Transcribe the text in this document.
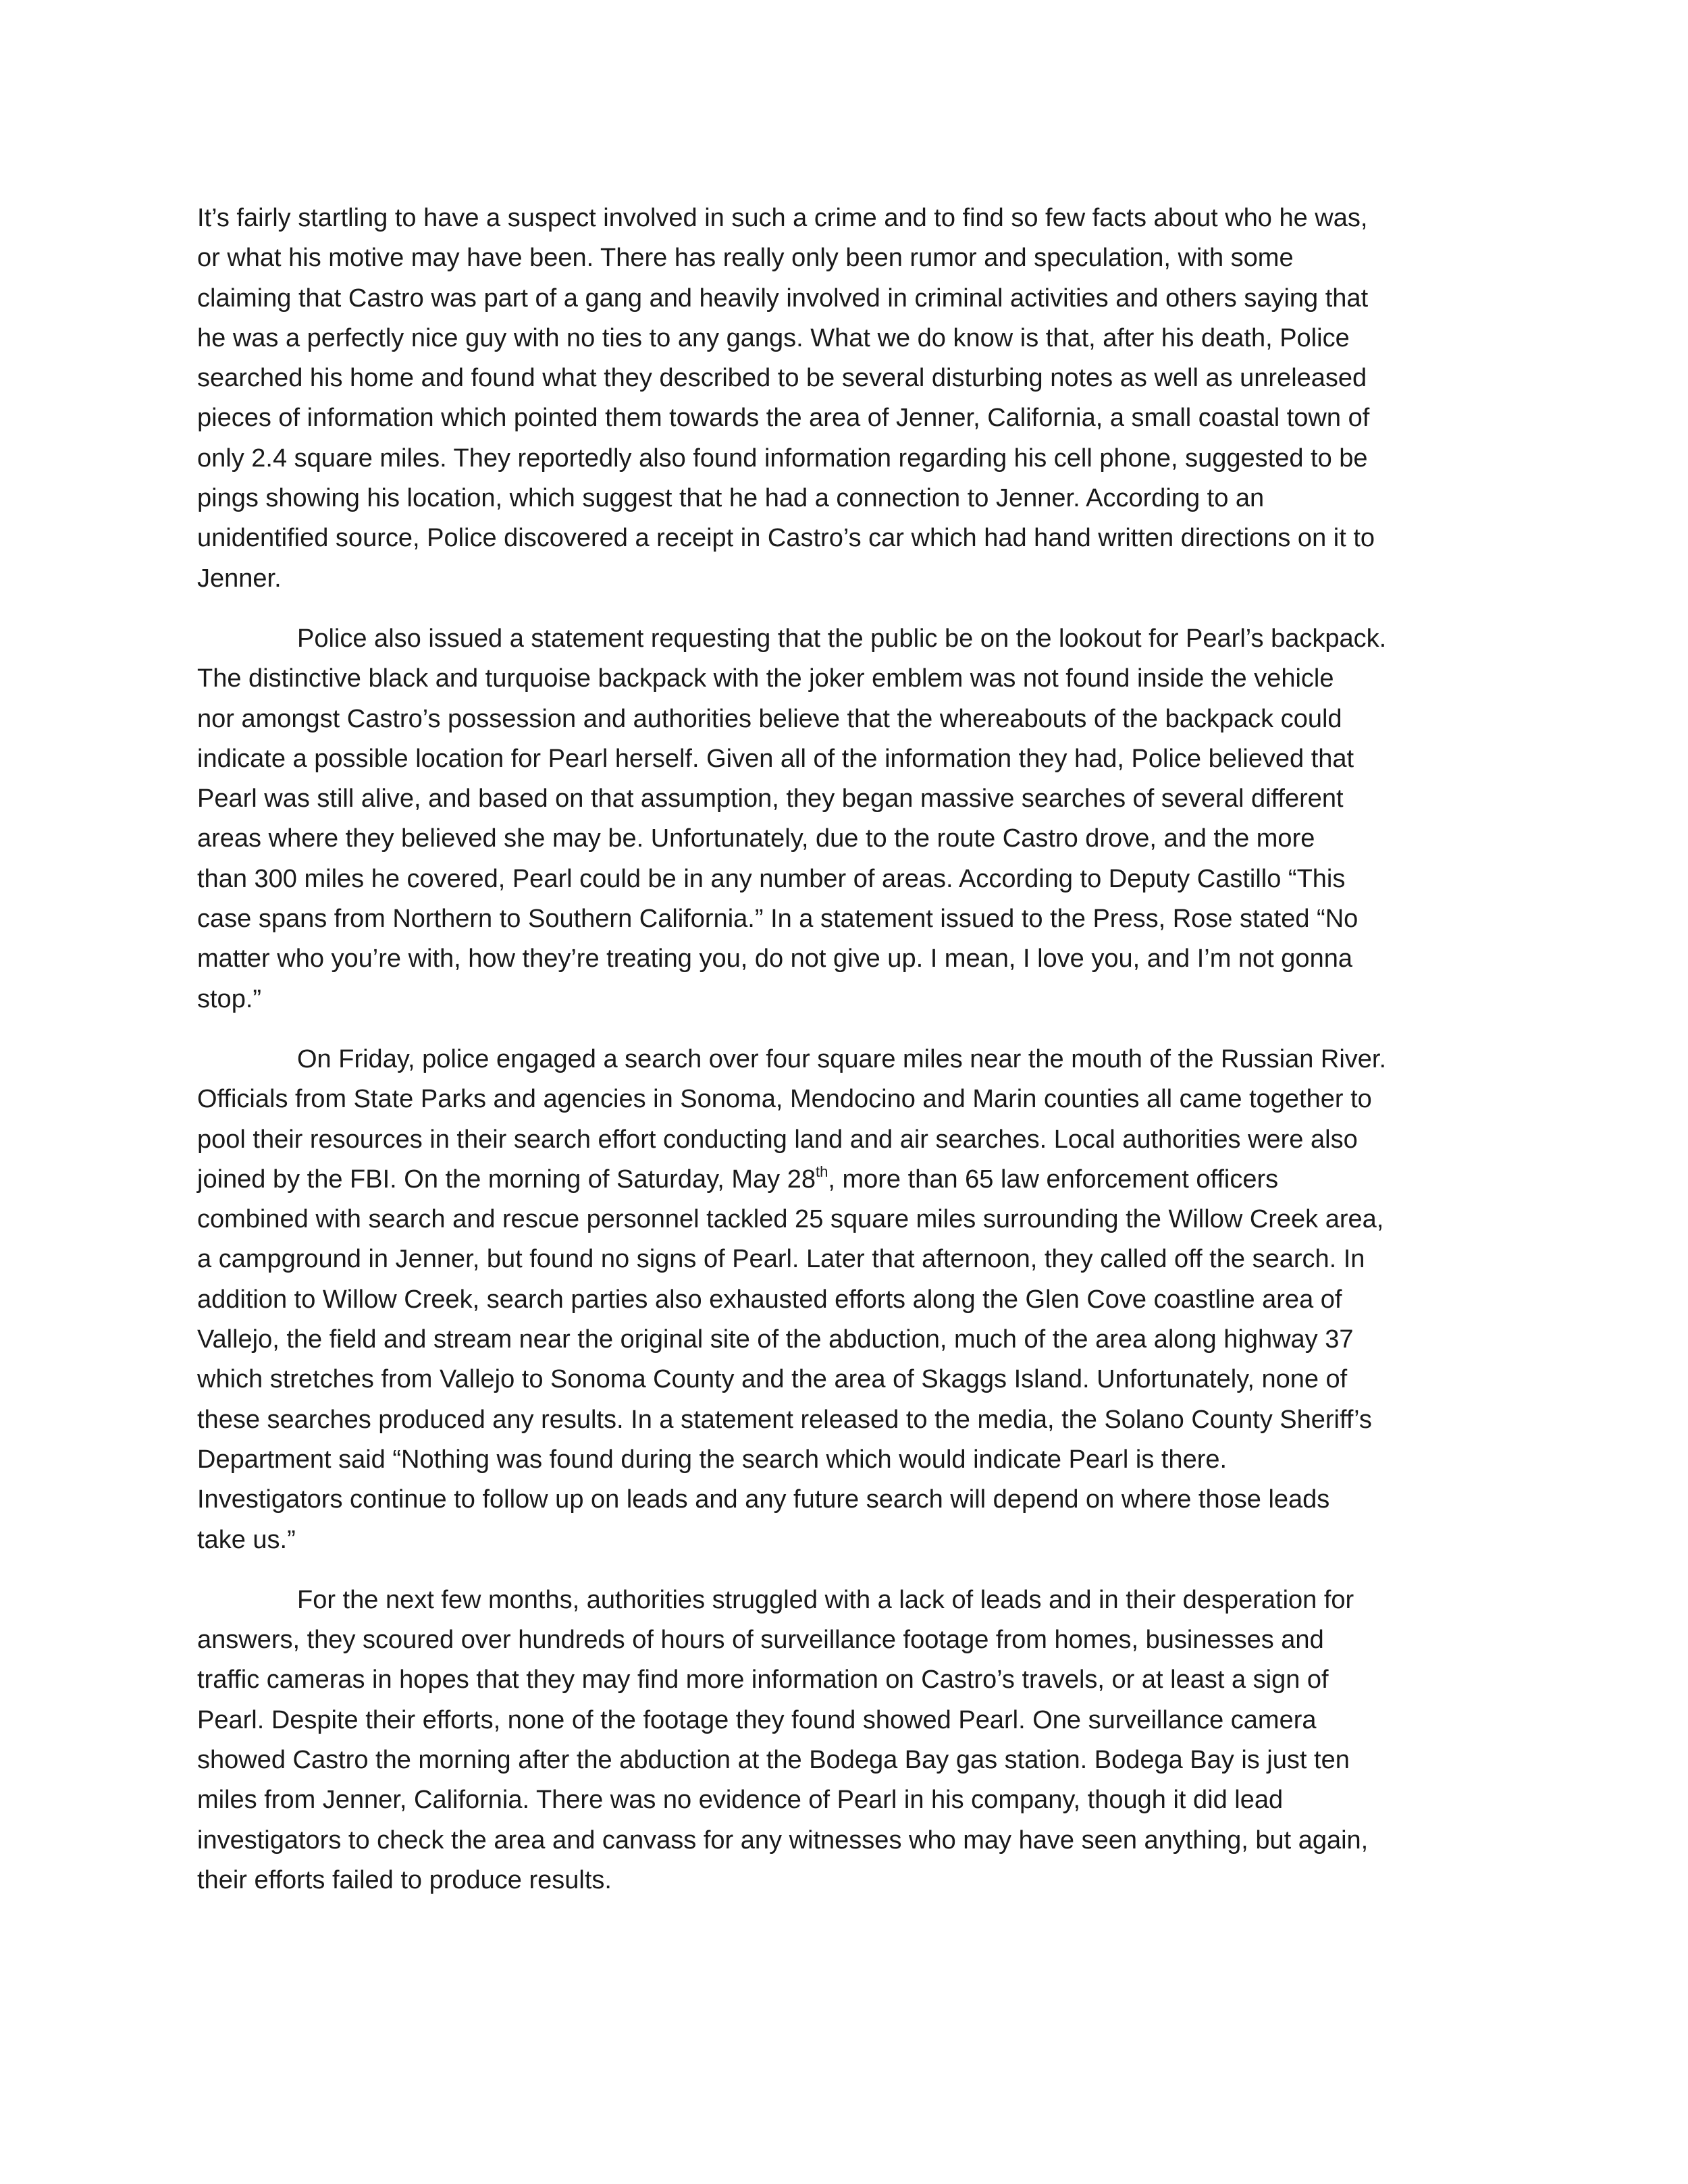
It’s fairly startling to have a suspect involved in such a crime and to find so few facts about who he was,
or what his motive may have been. There has really only been rumor and speculation, with some
claiming that Castro was part of a gang and heavily involved in criminal activities and others saying that
he was a perfectly nice guy with no ties to any gangs. What we do know is that, after his death, Police
searched his home and found what they described to be several disturbing notes as well as unreleased
pieces of information which pointed them towards the area of Jenner, California, a small coastal town of
only 2.4 square miles. They reportedly also found information regarding his cell phone, suggested to be
pings showing his location, which suggest that he had a connection to Jenner. According to an
unidentified source, Police discovered a receipt in Castro’s car which had hand written directions on it to
Jenner.

Police also issued a statement requesting that the public be on the lookout for Pearl’s backpack.
The distinctive black and turquoise backpack with the joker emblem was not found inside the vehicle
nor amongst Castro’s possession and authorities believe that the whereabouts of the backpack could
indicate a possible location for Pearl herself. Given all of the information they had, Police believed that
Pearl was still alive, and based on that assumption, they began massive searches of several different
areas where they believed she may be. Unfortunately, due to the route Castro drove, and the more
than 300 miles he covered, Pearl could be in any number of areas. According to Deputy Castillo “This
case spans from Northern to Southern California.” In a statement issued to the Press, Rose stated “No
matter who you’re with, how they’re treating you, do not give up. I mean, I love you, and I’m not gonna
stop.”

On Friday, police engaged a search over four square miles near the mouth of the Russian River.
Officials from State Parks and agencies in Sonoma, Mendocino and Marin counties all came together to
pool their resources in their search effort conducting land and air searches. Local authorities were also
joined by the FBI. On the morning of Saturday, May 28th, more than 65 law enforcement officers
combined with search and rescue personnel tackled 25 square miles surrounding the Willow Creek area,
a campground in Jenner, but found no signs of Pearl. Later that afternoon, they called off the search. In
addition to Willow Creek, search parties also exhausted efforts along the Glen Cove coastline area of
Vallejo, the field and stream near the original site of the abduction, much of the area along highway 37
which stretches from Vallejo to Sonoma County and the area of Skaggs Island. Unfortunately, none of
these searches produced any results. In a statement released to the media, the Solano County Sheriff’s
Department said “Nothing was found during the search which would indicate Pearl is there.
Investigators continue to follow up on leads and any future search will depend on where those leads
take us.”

For the next few months, authorities struggled with a lack of leads and in their desperation for
answers, they scoured over hundreds of hours of surveillance footage from homes, businesses and
traffic cameras in hopes that they may find more information on Castro’s travels, or at least a sign of
Pearl. Despite their efforts, none of the footage they found showed Pearl. One surveillance camera
showed Castro the morning after the abduction at the Bodega Bay gas station. Bodega Bay is just ten
miles from Jenner, California. There was no evidence of Pearl in his company, though it did lead
investigators to check the area and canvass for any witnesses who may have seen anything, but again,
their efforts failed to produce results.
